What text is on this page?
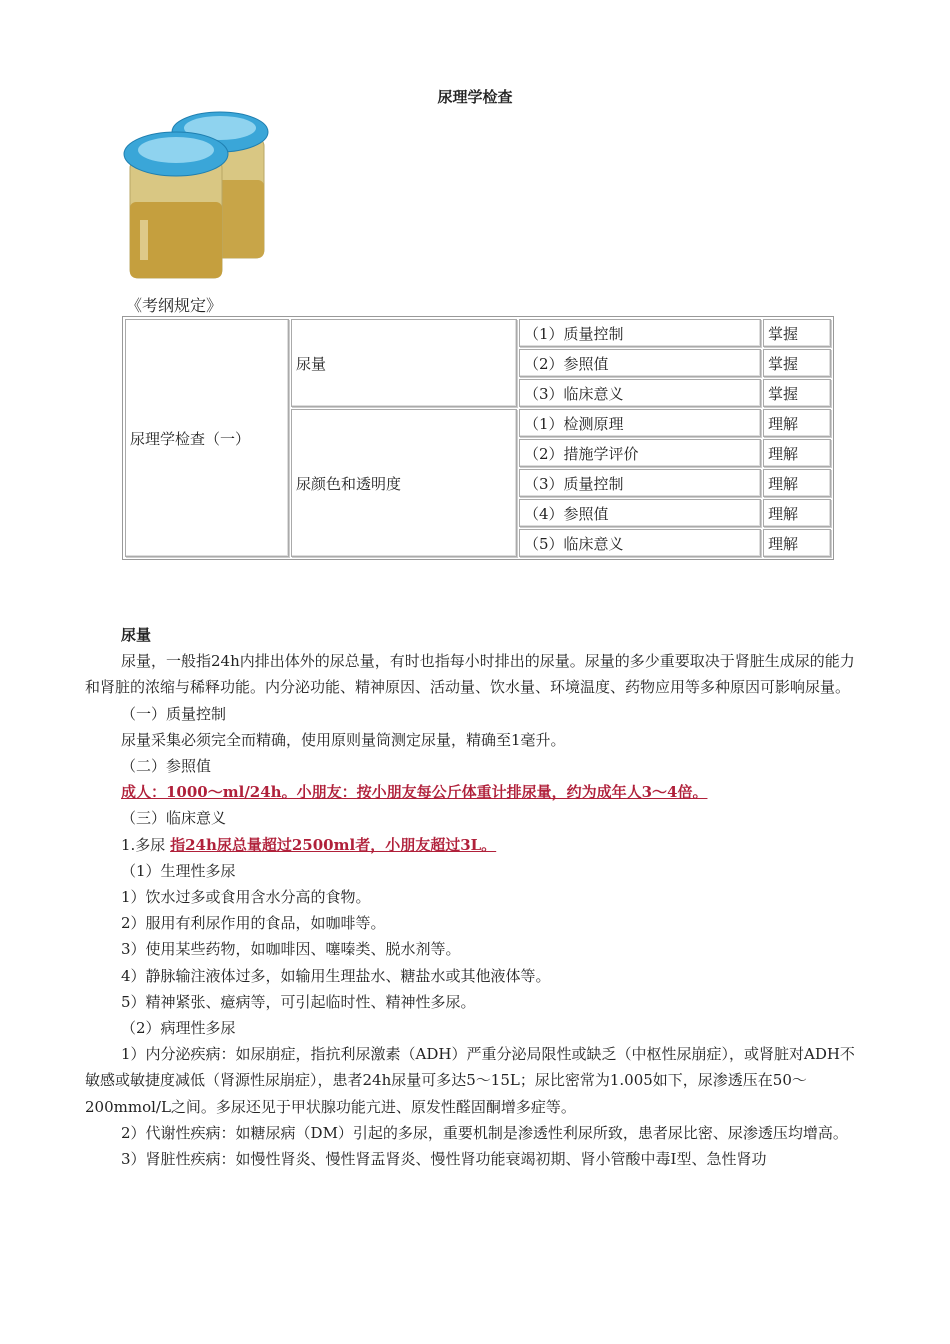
尿理学检查
《考纲规定》
尿理学检查（一）	尿量	（1）质量控制	掌握
		（2）参照值	掌握
		（3）临床意义	掌握
	尿颜色和透明度	（1）检测原理	理解
		（2）措施学评价	理解
		（3）质量控制	理解
		（4）参照值	理解
		（5）临床意义	理解

尿量

尿量，一般指24h内排出体外的尿总量，有时也指每小时排出的尿量。尿量的多少重要取决于肾脏生成尿的能力和肾脏的浓缩与稀释功能。内分泌功能、精神原因、活动量、饮水量、环境温度、药物应用等多种原因可影响尿量。

（一）质量控制

尿量采集必须完全而精确，使用原则量筒测定尿量，精确至1毫升。

（二）参照值

成人：1000～ml/24h。小朋友：按小朋友每公斤体重计排尿量，约为成年人3～4倍。

（三）临床意义

1.多尿 指24h尿总量超过2500ml者，小朋友超过3L。

（1）生理性多尿

1）饮水过多或食用含水分高的食物。

2）服用有利尿作用的食品，如咖啡等。

3）使用某些药物，如咖啡因、噻嗪类、脱水剂等。

4）静脉输注液体过多，如输用生理盐水、糖盐水或其他液体等。

5）精神紧张、癔病等，可引起临时性、精神性多尿。

（2）病理性多尿

1）内分泌疾病：如尿崩症，指抗利尿激素（ADH）严重分泌局限性或缺乏（中枢性尿崩症），或肾脏对ADH不敏感或敏捷度减低（肾源性尿崩症），患者24h尿量可多达5～15L；尿比密常为1.005如下，尿渗透压在50～200mmol/L之间。多尿还见于甲状腺功能亢进、原发性醛固酮增多症等。

2）代谢性疾病：如糖尿病（DM）引起的多尿，重要机制是渗透性利尿所致，患者尿比密、尿渗透压均增高。

3）肾脏性疾病：如慢性肾炎、慢性肾盂肾炎、慢性肾功能衰竭初期、肾小管酸中毒Ⅰ型、急性肾功
